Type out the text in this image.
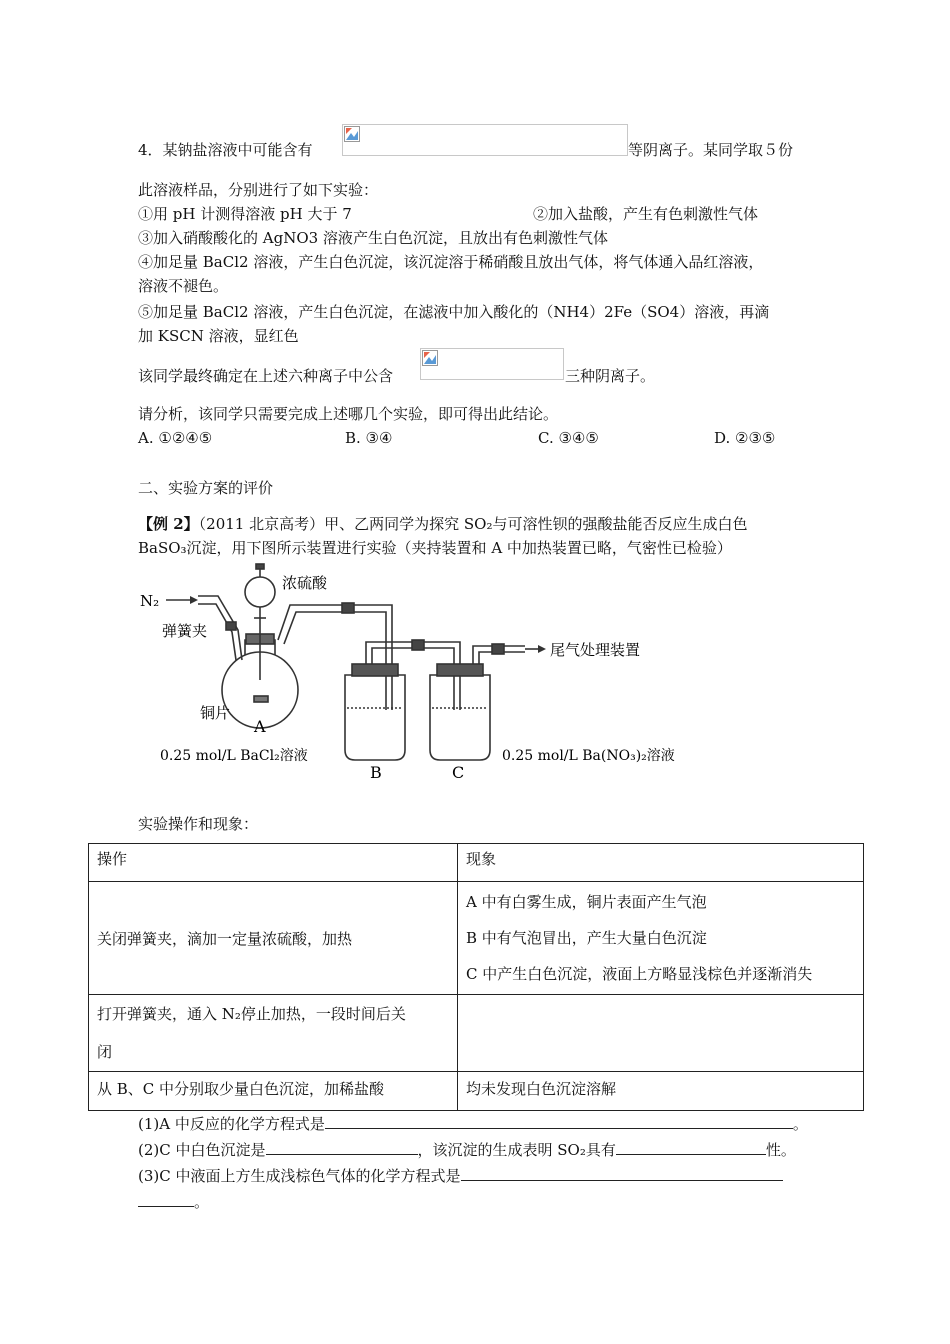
4．某钠盐溶液中可能含有	等阴离子。某同学取５份
此溶液样品，分别进行了如下实验：
①用 pH 计测得溶液 pH 大于 7	②加入盐酸，产生有色刺激性气体
③加入硝酸酸化的 AgNO3 溶液产生白色沉淀，且放出有色刺激性气体
④加足量 BaCl2 溶液，产生白色沉淀，该沉淀溶于稀硝酸且放出气体，将气体通入品红溶液，
溶液不褪色。
⑤加足量 BaCl2 溶液，产生白色沉淀，在滤液中加入酸化的（NH4）2Fe（SO4）溶液，再滴
加 KSCN 溶液，显红色
该同学最终确定在上述六种离子中公含	三种阴离子。
请分析，该同学只需要完成上述哪几个实验，即可得出此结论。
A. ①②④⑤	B. ③④	C. ③④⑤	D. ②③⑤
二、实验方案的评价
【例 2】（2011 北京高考）甲、乙两同学为探究 SO₂与可溶性钡的强酸盐能否反应生成白色
BaSO₃沉淀，用下图所示装置进行实验（夹持装置和 A 中加热装置已略，气密性已检验）
N₂
弹簧夹
浓硫酸
尾气处理装置
铜片
A
B	C
0.25 mol/L BaCl₂溶液	0.25 mol/L Ba(NO₃)₂溶液
实验操作和现象：
操作	现象
关闭弹簧夹，滴加一定量浓硫酸，加热	A 中有白雾生成，铜片表面产生气泡
B 中有气泡冒出，产生大量白色沉淀
C 中产生白色沉淀，液面上方略显浅棕色并逐渐消失

打开弹簧夹，通入 N₂停止加热，一段时间后关
闭	

从 B、C 中分别取少量白色沉淀，加稀盐酸	均未发现白色沉淀溶解
(1)A 中反应的化学方程式是	。
(2)C 中白色沉淀是	，该沉淀的生成表明 SO₂具有	性。
(3)C 中液面上方生成浅棕色气体的化学方程式是
。
